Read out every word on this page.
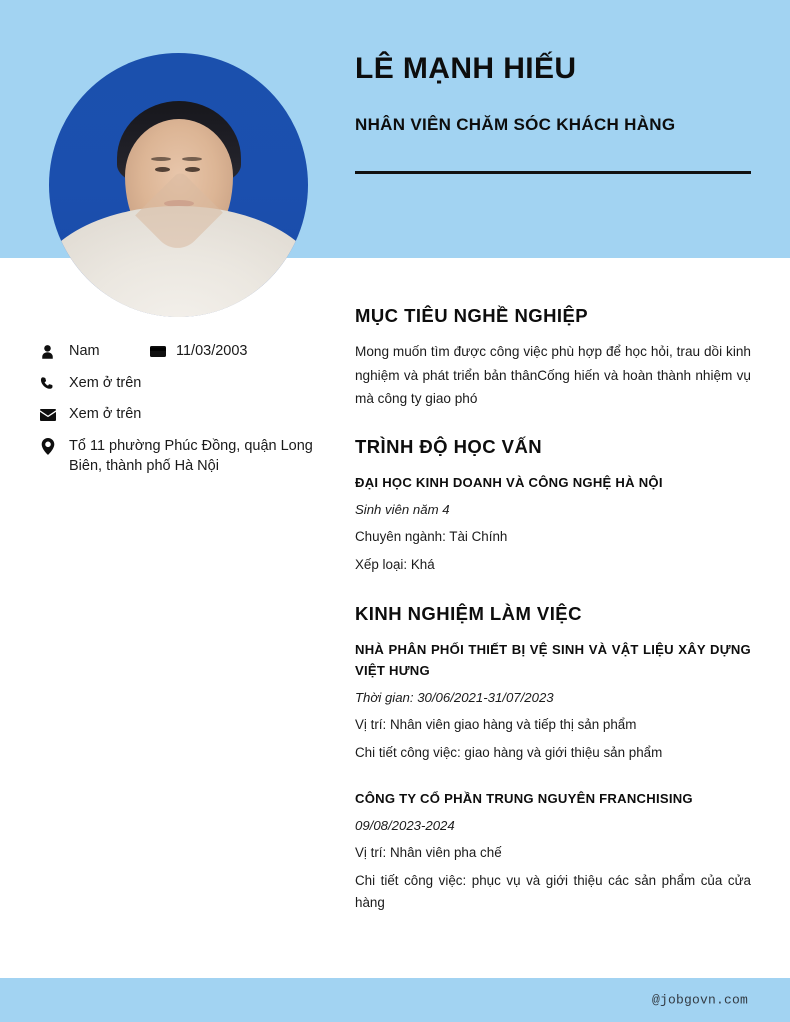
LÊ MẠNH HIẾU
NHÂN VIÊN CHĂM SÓC KHÁCH HÀNG
Nam	11/03/2003
Xem ở trên
Xem ở trên
Tổ 11 phường Phúc Đồng, quận Long Biên, thành phố Hà Nội
MỤC TIÊU NGHỀ NGHIỆP
Mong muốn tìm được công việc phù hợp để học hỏi, trau dồi kinh nghiệm và phát triển bản thânCống hiến và hoàn thành nhiệm vụ mà công ty giao phó
TRÌNH ĐỘ HỌC VẤN
ĐẠI HỌC KINH DOANH VÀ CÔNG NGHỆ HÀ NỘI
Sinh viên năm 4
Chuyên ngành: Tài Chính
Xếp loại: Khá
KINH NGHIỆM LÀM VIỆC
NHÀ PHÂN PHỐI THIẾT BỊ VỆ SINH VÀ VẬT LIỆU XÂY DỰNG VIỆT HƯNG
Thời gian: 30/06/2021-31/07/2023
Vị trí: Nhân viên giao hàng và tiếp thị sản phẩm
Chi tiết công việc: giao hàng và giới thiệu sản phẩm
CÔNG TY CỔ PHẦN TRUNG NGUYÊN FRANCHISING
09/08/2023-2024
Vị trí: Nhân viên pha chế
Chi tiết công việc: phục vụ và giới thiệu các sản phẩm của cửa hàng
@jobgovn.com
